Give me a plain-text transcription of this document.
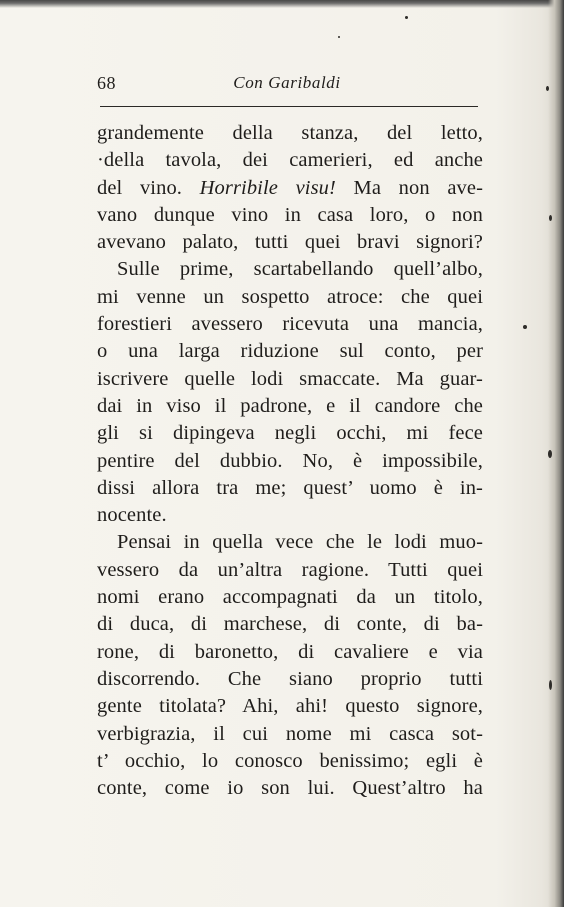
68	Con Garibaldi
grandemente della stanza, del letto,
·della tavola, dei camerieri, ed anche
del vino. Horribile visu! Ma non ave-
vano dunque vino in casa loro, o non
avevano palato, tutti quei bravi signori?
Sulle prime, scartabellando quell’albo,
mi venne un sospetto atroce: che quei
forestieri avessero ricevuta una mancia,
o una larga riduzione sul conto, per
iscrivere quelle lodi smaccate. Ma guar-
dai in viso il padrone, e il candore che
gli si dipingeva negli occhi, mi fece
pentire del dubbio. No, è impossibile,
dissi allora tra me; quest’ uomo è in-
nocente.
Pensai in quella vece che le lodi muo-
vessero da un’altra ragione. Tutti quei
nomi erano accompagnati da un titolo,
di duca, di marchese, di conte, di ba-
rone, di baronetto, di cavaliere e via
discorrendo. Che siano proprio tutti
gente titolata? Ahi, ahi! questo signore,
verbigrazia, il cui nome mi casca sot-
t’ occhio, lo conosco benissimo; egli è
conte, come io son lui. Quest’altro ha
